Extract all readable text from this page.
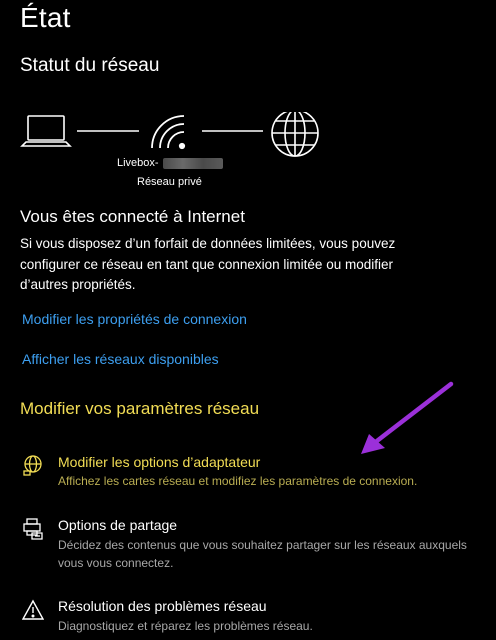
État
Statut du réseau
Livebox-
Réseau privé
Vous êtes connecté à Internet
Si vous disposez d’un forfait de données limitées, vous pouvez configurer ce réseau en tant que connexion limitée ou modifier d’autres propriétés.
Modifier les propriétés de connexion
Afficher les réseaux disponibles
Modifier vos paramètres réseau
Modifier les options d’adaptateur
Affichez les cartes réseau et modifiez les paramètres de connexion.
Options de partage
Décidez des contenus que vous souhaitez partager sur les réseaux auxquels vous vous connectez.
Résolution des problèmes réseau
Diagnostiquez et réparez les problèmes réseau.
